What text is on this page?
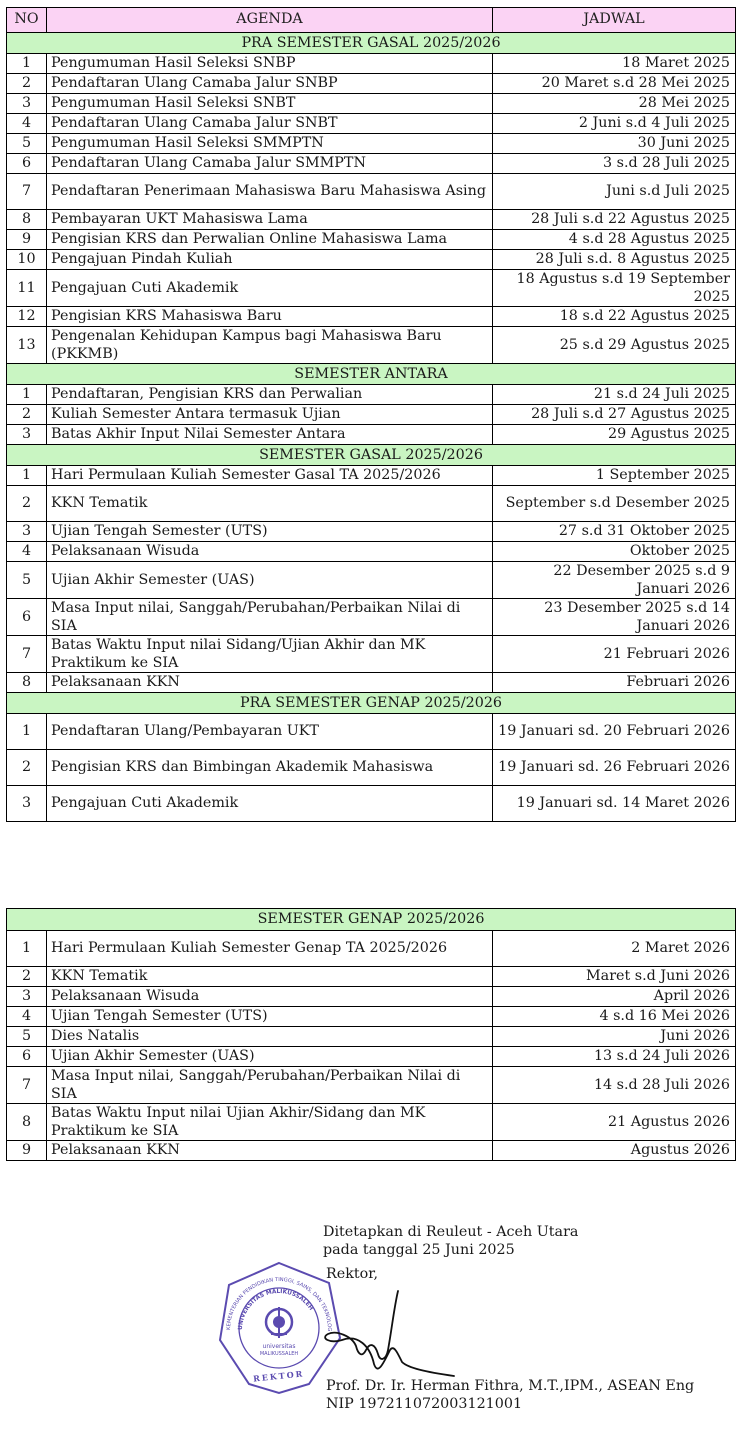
NO	AGENDA	JADWAL
PRA SEMESTER GASAL 2025/2026		
1	Pengumuman Hasil Seleksi SNBP	18 Maret 2025
2	Pendaftaran Ulang Camaba Jalur SNBP	20 Maret s.d 28 Mei 2025
3	Pengumuman Hasil Seleksi SNBT	28 Mei 2025
4	Pendaftaran Ulang Camaba Jalur SNBT	2 Juni s.d 4 Juli 2025
5	Pengumuman Hasil Seleksi SMMPTN	30 Juni 2025
6	Pendaftaran Ulang Camaba Jalur SMMPTN	3 s.d 28 Juli 2025
7	Pendaftaran Penerimaan Mahasiswa Baru Mahasiswa Asing	Juni s.d Juli 2025
8	Pembayaran UKT Mahasiswa Lama	28 Juli s.d 22 Agustus 2025
9	Pengisian KRS dan Perwalian Online Mahasiswa Lama	4 s.d 28 Agustus 2025
10	Pengajuan Pindah Kuliah	28 Juli s.d. 8 Agustus 2025
11	Pengajuan Cuti Akademik	18 Agustus s.d 19 September 2025
12	Pengisian KRS Mahasiswa Baru	18 s.d 22 Agustus 2025
13	Pengenalan Kehidupan Kampus bagi Mahasiswa Baru (PKKMB)	25 s.d 29 Agustus 2025
SEMESTER ANTARA		
1	Pendaftaran, Pengisian KRS dan Perwalian	21 s.d 24 Juli 2025
2	Kuliah Semester Antara termasuk Ujian	28 Juli s.d 27 Agustus 2025
3	Batas Akhir Input Nilai Semester Antara	29 Agustus 2025
SEMESTER GASAL 2025/2026		
1	Hari Permulaan Kuliah Semester Gasal TA 2025/2026	1 September 2025
2	KKN Tematik	September s.d Desember 2025
3	Ujian Tengah Semester (UTS)	27 s.d 31 Oktober 2025
4	Pelaksanaan Wisuda	Oktober 2025
5	Ujian Akhir Semester (UAS)	22 Desember 2025 s.d 9 Januari 2026
6	Masa Input nilai, Sanggah/Perubahan/Perbaikan Nilai di SIA	23 Desember 2025 s.d 14 Januari 2026
7	Batas Waktu Input nilai Sidang/Ujian Akhir dan MK Praktikum ke SIA	21 Februari 2026
8	Pelaksanaan KKN	Februari 2026
PRA SEMESTER GENAP 2025/2026		
1	Pendaftaran Ulang/Pembayaran UKT	19 Januari sd. 20 Februari 2026
2	Pengisian KRS dan Bimbingan Akademik Mahasiswa	19 Januari sd. 26 Februari 2026
3	Pengajuan Cuti Akademik	19 Januari sd. 14 Maret 2026
SEMESTER GENAP 2025/2026		
1	Hari Permulaan Kuliah Semester Genap TA 2025/2026	2 Maret 2026
2	KKN Tematik	Maret s.d Juni 2026
3	Pelaksanaan Wisuda	April 2026
4	Ujian Tengah Semester (UTS)	4 s.d 16 Mei 2026
5	Dies Natalis	Juni 2026
6	Ujian Akhir Semester (UAS)	13 s.d 24 Juli 2026
7	Masa Input nilai, Sanggah/Perubahan/Perbaikan Nilai di SIA	14 s.d 28 Juli 2026
8	Batas Waktu Input nilai Ujian Akhir/Sidang dan MK Praktikum ke SIA	21 Agustus 2026
9	Pelaksanaan KKN	Agustus 2026
Ditetapkan di Reuleut - Aceh Utara
pada tanggal 25 Juni 2025
Rektor,
universitas
MALIKUSSALEH
REKTOR
KEMENTERIAN PENDIDIKAN TINGGI, SAINS, DAN TEKNOLOG
UNIVERSITAS MALIKUSSALEH
Prof. Dr. Ir. Herman Fithra, M.T.,IPM., ASEAN Eng
NIP 197211072003121001
